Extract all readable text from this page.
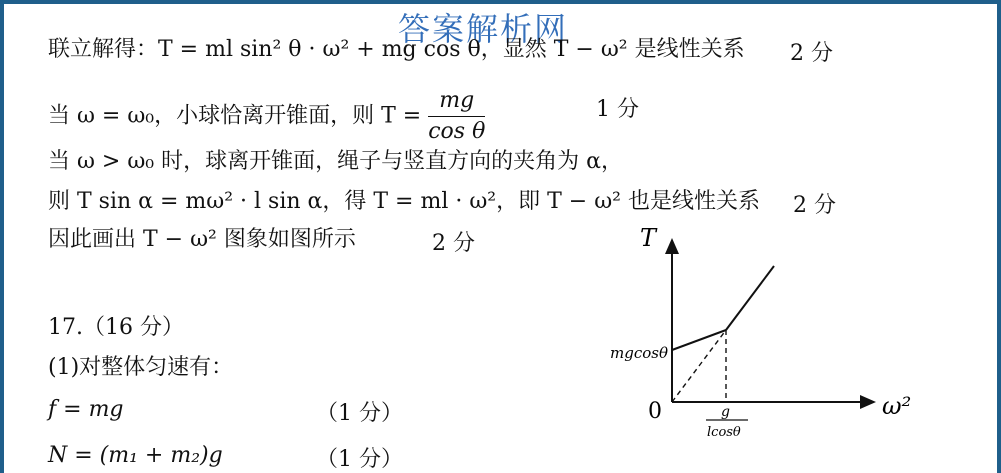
答案解析网
联立解得：T = ml sin² θ · ω² + mg cos θ，显然 T − ω² 是线性关系 2 分
当 ω = ω₀，小球恰离开锥面，则 $T = \frac{mg}{\text{cos θ}}$	1 分
当 ω > ω₀ 时，球离开锥面，绳子与竖直方向的夹角为 α，
则 T sin α = mω² · l sin α，得 T = ml · ω²，即 T − ω² 也是线性关系 2 分
因此画出 T − ω² 图象如图所示	2 分
17.（16 分）
(1)对整体匀速有：
f = mg	（1 分）
N = (m₁ + m₂)g	（1 分）
T
ω²
0
mgcosθ
g
lcosθ
